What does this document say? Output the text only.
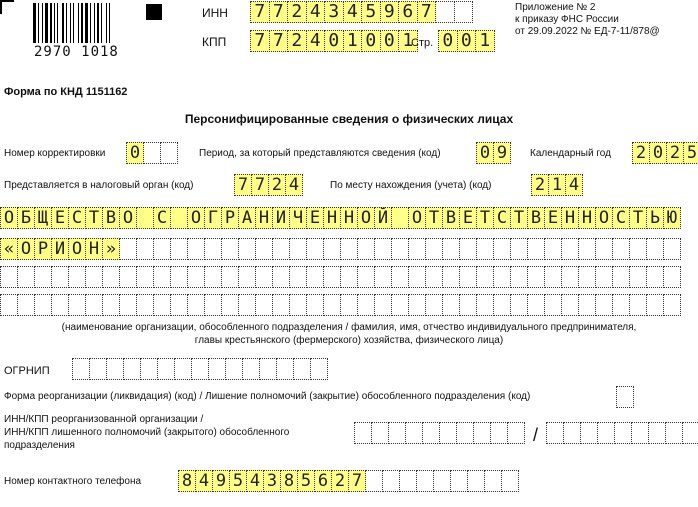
2970 1018
ИНН 7 7 2 4 3 4 5 9 6 7
КПП 7 7 2 4 0 1 0 0 1
Стр. 0 0 1
Приложение № 2
к приказу ФНС России
от 29.09.2022 № ЕД-7-11/878@
Форма по КНД 1151162
Персонифицированные сведения о физических лицах
Номер корректировки 0	Период, за который представляются сведения (код) 0 9	Календарный год 2 0 2 5
Представляется в налоговый орган (код)	7 7 2 4	По месту нахождения (учета) (код)	2 1 4
О Б Щ Е С Т В О С О Г Р А Н И Ч Е Н Н О Й О Т В Е Т С Т В Е Н Н О С Т Ь Ю
« О Р И О Н »
(наименование организации, обособленного подразделения / фамилия, имя, отчество индивидуального предпринимателя,
главы крестьянского (фермерского) хозяйства, физического лица)
ОГРНИП
Форма реорганизации (ликвидация) (код) / Лишение полномочий (закрытие) обособленного подразделения (код)
ИНН/КПП реорганизованной организации /
ИНН/КПП лишенного полномочий (закрытого) обособленного
подразделения
/
Номер контактного телефона 8 4 9 5 4 3 8 5 6 2 7
